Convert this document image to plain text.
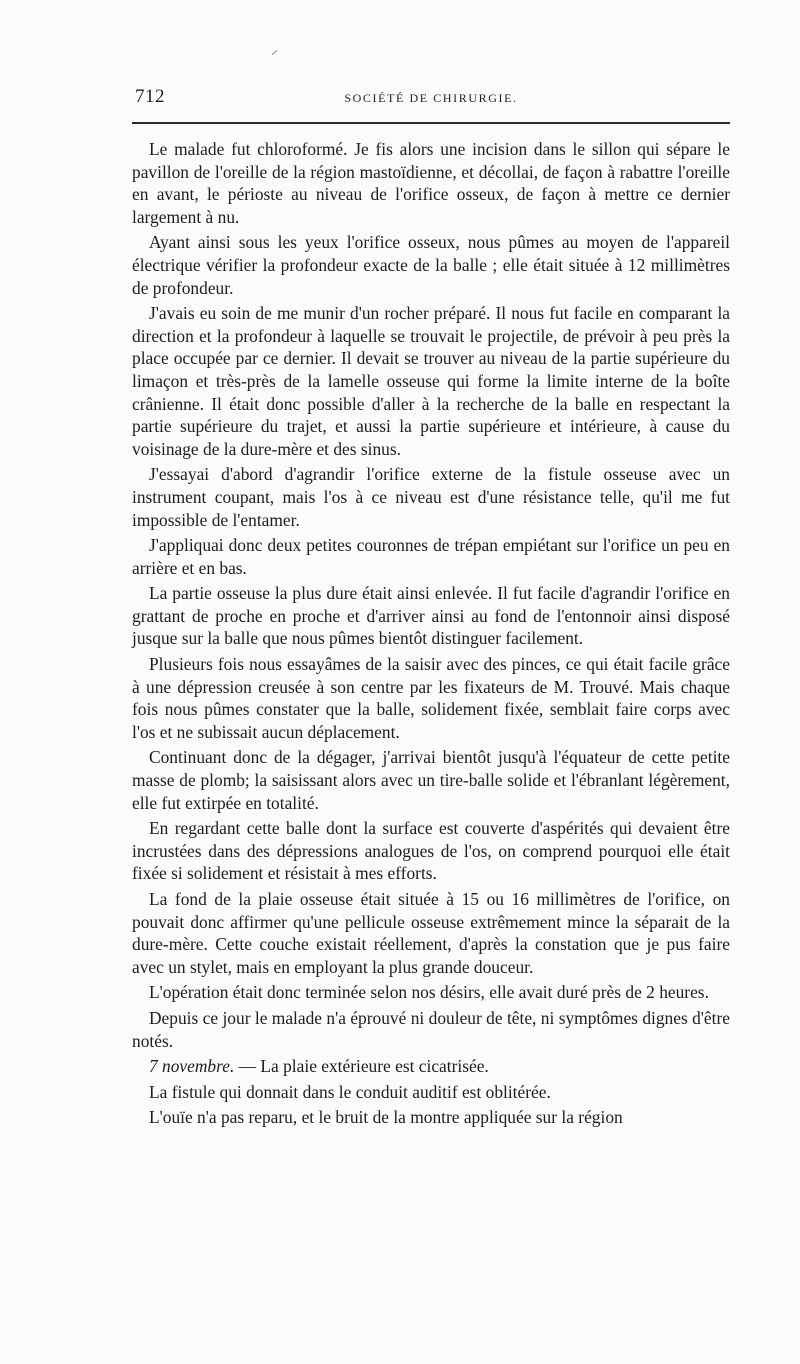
712	SOCIÉTÉ DE CHIRURGIE.

Le malade fut chloroformé. Je fis alors une incision dans le sillon qui sépare le pavillon de l'oreille de la région mastoïdienne, et décollai, de façon à rabattre l'oreille en avant, le périoste au niveau de l'orifice osseux, de façon à mettre ce dernier largement à nu.

Ayant ainsi sous les yeux l'orifice osseux, nous pûmes au moyen de l'appareil électrique vérifier la profondeur exacte de la balle ; elle était située à 12 millimètres de profondeur.

J'avais eu soin de me munir d'un rocher préparé. Il nous fut facile en comparant la direction et la profondeur à laquelle se trouvait le projectile, de prévoir à peu près la place occupée par ce dernier. Il devait se trouver au niveau de la partie supérieure du limaçon et très-près de la lamelle osseuse qui forme la limite interne de la boîte crânienne. Il était donc possible d'aller à la recherche de la balle en respectant la partie supérieure du trajet, et aussi la partie supérieure et intérieure, à cause du voisinage de la dure-mère et des sinus.

J'essayai d'abord d'agrandir l'orifice externe de la fistule osseuse avec un instrument coupant, mais l'os à ce niveau est d'une résistance telle, qu'il me fut impossible de l'entamer.

J'appliquai donc deux petites couronnes de trépan empiétant sur l'orifice un peu en arrière et en bas.

La partie osseuse la plus dure était ainsi enlevée. Il fut facile d'agrandir l'orifice en grattant de proche en proche et d'arriver ainsi au fond de l'entonnoir ainsi disposé jusque sur la balle que nous pûmes bientôt distinguer facilement.

Plusieurs fois nous essayâmes de la saisir avec des pinces, ce qui était facile grâce à une dépression creusée à son centre par les fixateurs de M. Trouvé. Mais chaque fois nous pûmes constater que la balle, solidement fixée, semblait faire corps avec l'os et ne subissait aucun déplacement.

Continuant donc de la dégager, j'arrivai bientôt jusqu'à l'équateur de cette petite masse de plomb; la saisissant alors avec un tire-balle solide et l'ébranlant légèrement, elle fut extirpée en totalité.

En regardant cette balle dont la surface est couverte d'aspérités qui devaient être incrustées dans des dépressions analogues de l'os, on comprend pourquoi elle était fixée si solidement et résistait à mes efforts.

La fond de la plaie osseuse était située à 15 ou 16 millimètres de l'orifice, on pouvait donc affirmer qu'une pellicule osseuse extrêmement mince la séparait de la dure-mère. Cette couche existait réellement, d'après la constation que je pus faire avec un stylet, mais en employant la plus grande douceur.

L'opération était donc terminée selon nos désirs, elle avait duré près de 2 heures.

Depuis ce jour le malade n'a éprouvé ni douleur de tête, ni symptômes dignes d'être notés.

7 novembre. — La plaie extérieure est cicatrisée.

La fistule qui donnait dans le conduit auditif est oblitérée.

L'ouïe n'a pas reparu, et le bruit de la montre appliquée sur la région
